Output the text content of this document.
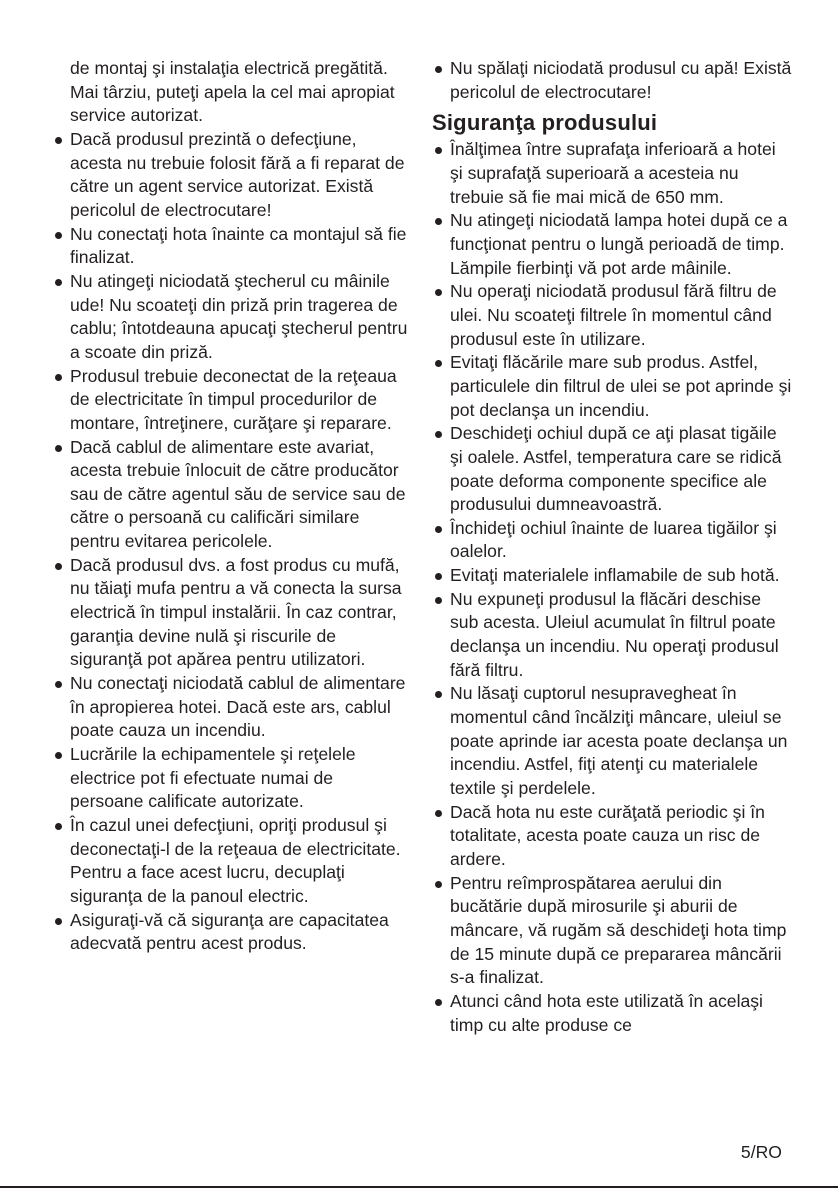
de montaj şi instalaţia electrică pregătită. Mai târziu, puteţi apela la cel mai apropiat service autorizat.

Dacă produsul prezintă o defecţiune, acesta nu trebuie folosit fără a fi reparat de către un agent service autorizat. Există pericolul de electrocutare!
Nu conectaţi hota înainte ca montajul să fie finalizat.
Nu atingeţi niciodată ştecherul cu mâinile ude! Nu scoateţi din priză prin tragerea de cablu; întotdeauna apucaţi ştecherul pentru a scoate din priză.
Produsul trebuie deconectat de la reţeaua de electricitate în timpul procedurilor de montare, întreţinere, curăţare şi reparare.
Dacă cablul de alimentare este avariat, acesta trebuie înlocuit de către producător sau de către agentul său de service sau de către o persoană cu calificări similare pentru evitarea pericolele.
Dacă produsul dvs. a fost produs cu mufă, nu tăiaţi mufa pentru a vă conecta la sursa electrică în timpul instalării. În caz contrar, garanţia devine nulă şi riscurile de siguranţă pot apărea pentru utilizatori.
Nu conectaţi niciodată cablul de alimentare în apropierea hotei. Dacă este ars, cablul poate cauza un incendiu.
Lucrările la echipamentele şi reţelele electrice pot fi efectuate numai de persoane calificate autorizate.
În cazul unei defecţiuni, opriţi produsul şi deconectaţi-l de la reţeaua de electricitate. Pentru a face acest lucru, decuplaţi siguranţa de la panoul electric.
Asiguraţi-vă că siguranţa are capacitatea adecvată pentru acest produs.
Nu spălaţi niciodată produsul cu apă! Există pericolul de electrocutare!
Siguranţa produsului
Înălţimea între suprafaţa inferioară a hotei şi suprafaţă superioară a acesteia nu trebuie să fie mai mică de 650 mm.
Nu atingeţi niciodată lampa hotei după ce a funcţionat pentru o lungă perioadă de timp. Lămpile fierbinţi vă pot arde mâinile.
Nu operaţi niciodată produsul fără filtru de ulei. Nu scoateţi filtrele în momentul când produsul este în utilizare.
Evitaţi flăcările mare sub produs. Astfel, particulele din filtrul de ulei se pot aprinde şi pot declanşa un incendiu.
Deschideţi ochiul după ce aţi plasat tigăile şi oalele. Astfel, temperatura care se ridică poate deforma componente specifice ale produsului dumneavoastră.
Închideţi ochiul înainte de luarea tigăilor şi oalelor.
Evitaţi materialele inflamabile de sub hotă.
Nu expuneţi produsul la flăcări deschise sub acesta. Uleiul acumulat în filtrul poate declanşa un incendiu. Nu operaţi produsul fără filtru.
Nu lăsaţi cuptorul nesupravegheat în momentul când încălziţi mâncare, uleiul se poate aprinde iar acesta poate declanşa un incendiu. Astfel, fiţi atenţi cu materialele textile şi perdelele.
Dacă hota nu este curăţată periodic şi în totalitate, acesta poate cauza un risc de ardere.
Pentru reîmprospătarea aerului din bucătărie după mirosurile şi aburii de mâncare, vă rugăm să deschideţi hota timp de 15 minute după ce prepararea mâncării s-a finalizat.
Atunci când hota este utilizată în acelaşi timp cu alte produse ce
5/RO
